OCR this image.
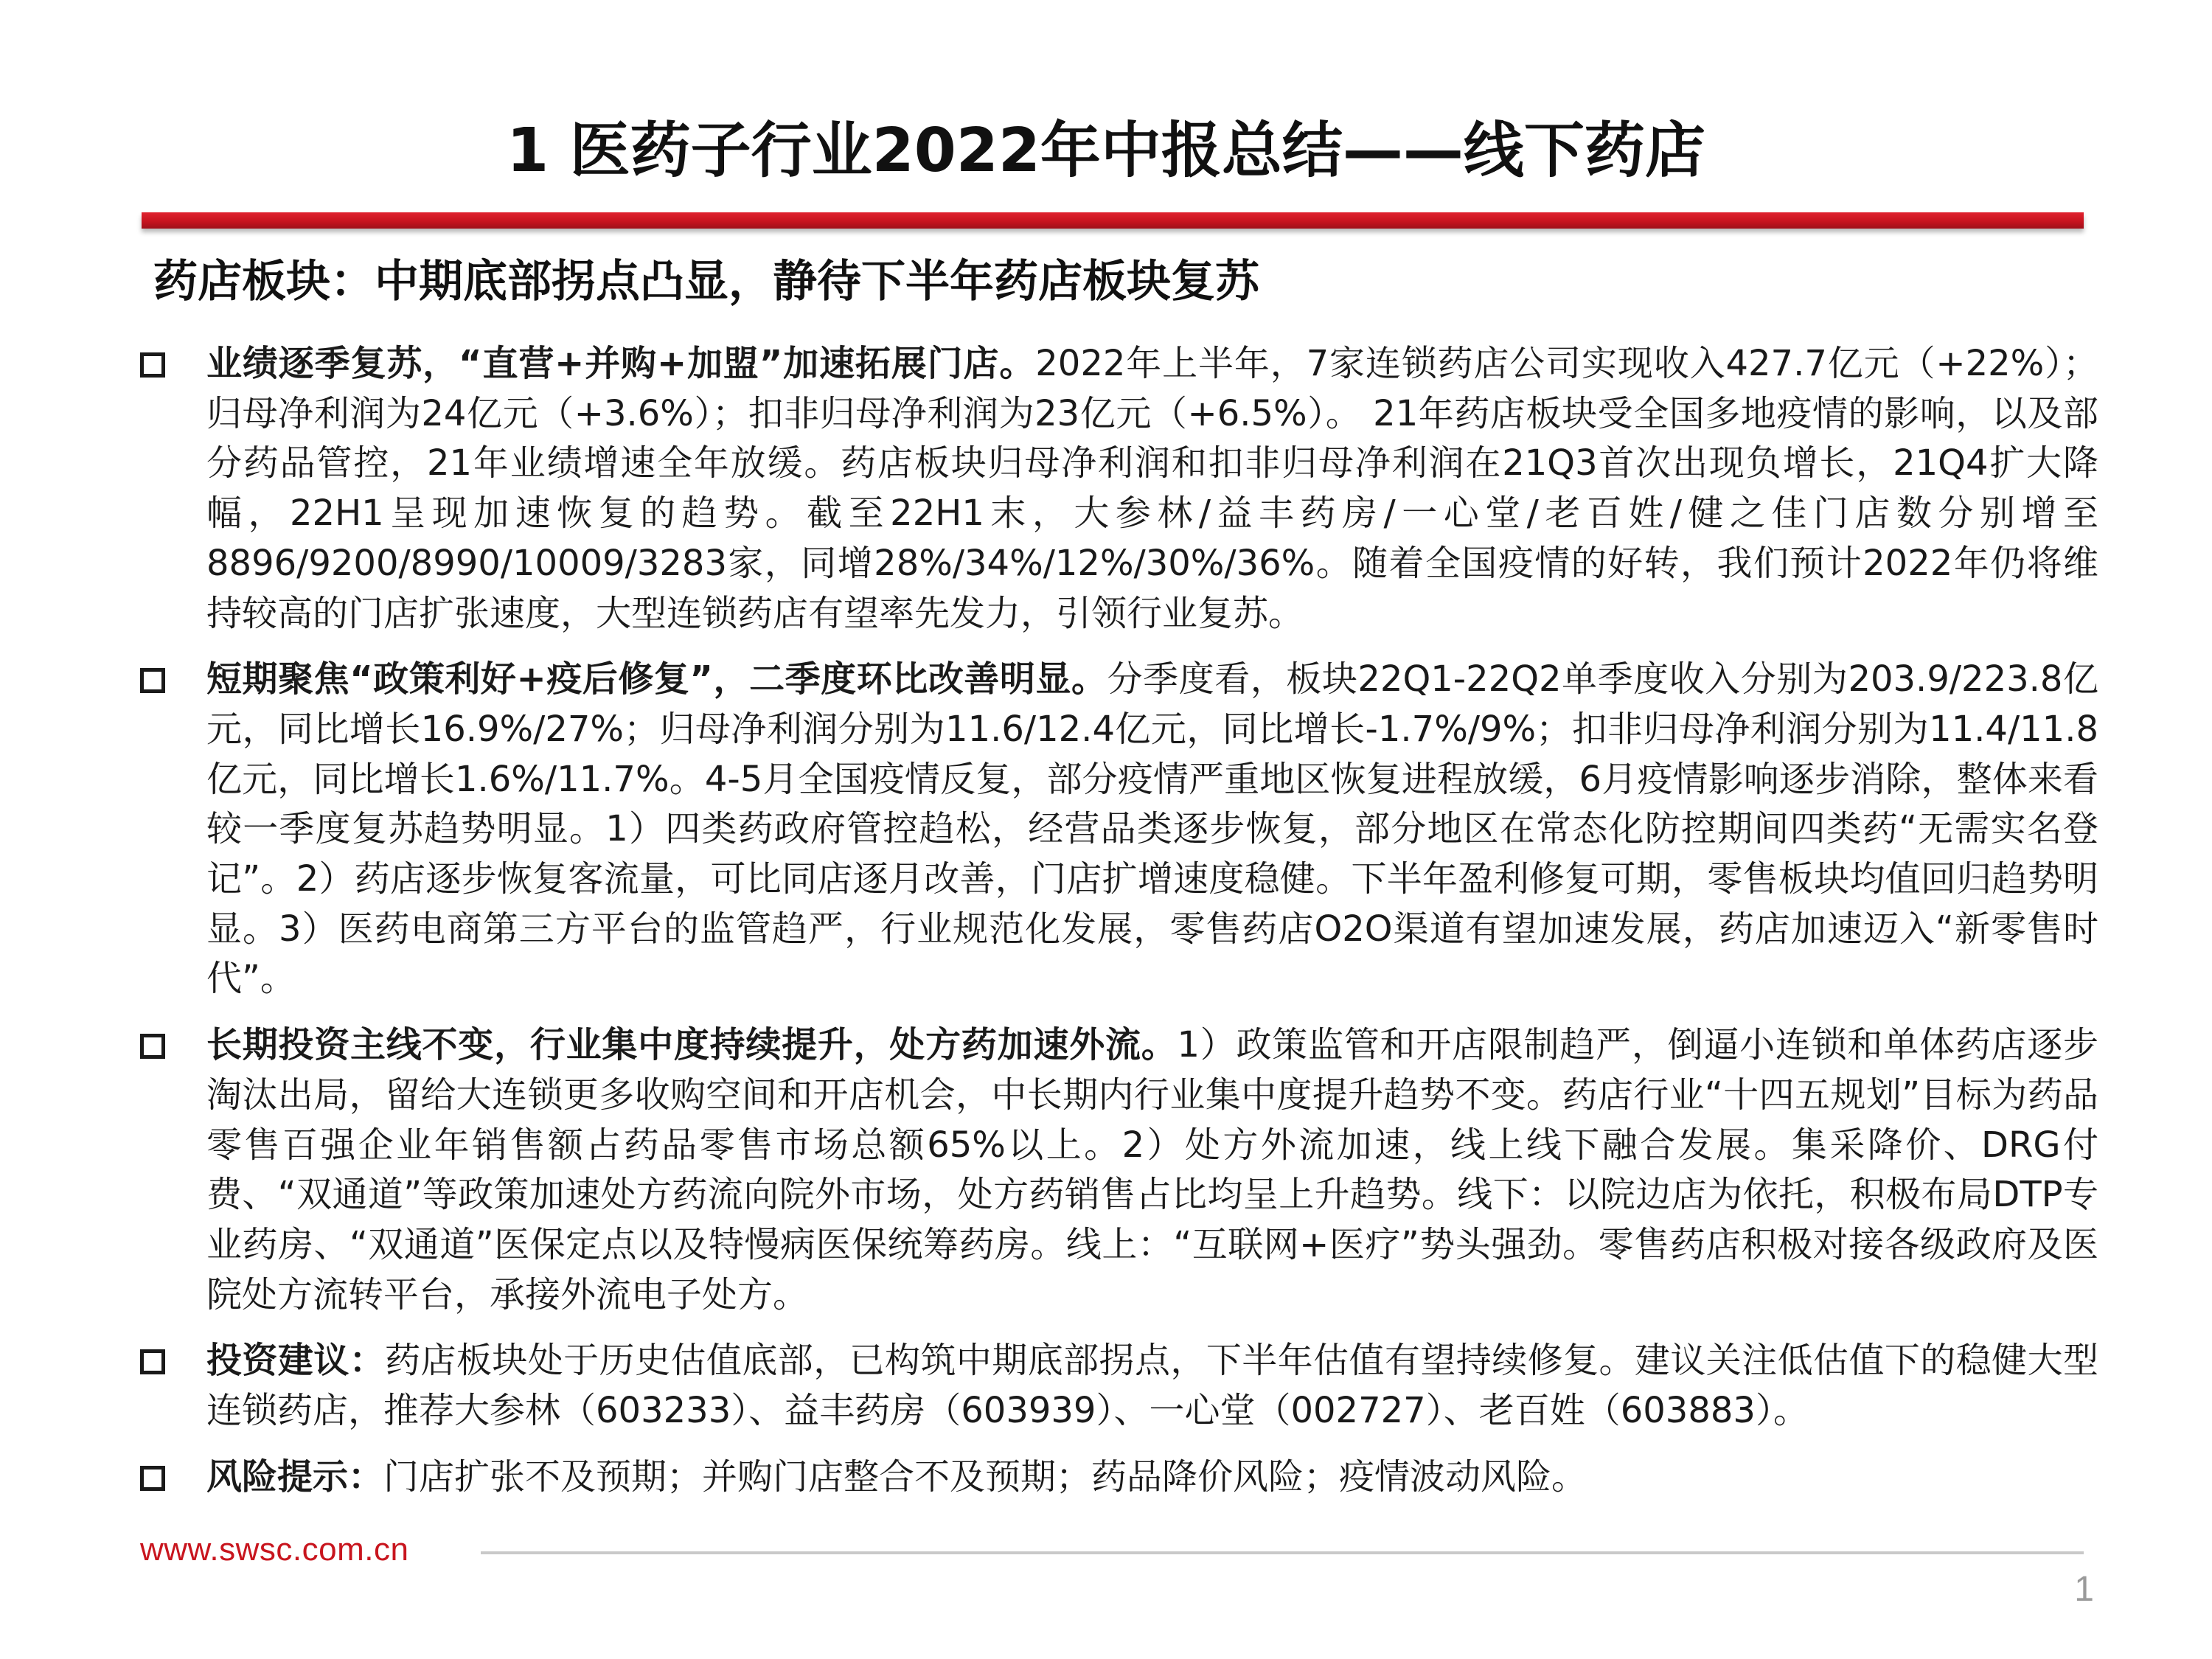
1 医药子行业2022年中报总结——线下药店
药店板块：中期底部拐点凸显，静待下半年药店板块复苏
业绩逐季复苏，“直营+并购+加盟”加速拓展门店。2022年上半年，7家连锁药店公司实现收入427.7亿元（+22%）；归母净利润为24亿元（+3.6%）；扣非归母净利润为23亿元（+6.5%）。 21年药店板块受全国多地疫情的影响，以及部分药品管控，21年业绩增速全年放缓。药店板块归母净利润和扣非归母净利润在21Q3首次出现负增长，21Q4扩大降幅，22H1呈现加速恢复的趋势。截至22H1末，大参林/益丰药房/一心堂/老百姓/健之佳门店数分别增至8896/9200/8990/10009/3283家，同增28%/34%/12%/30%/36%。随着全国疫情的好转，我们预计2022年仍将维持较高的门店扩张速度，大型连锁药店有望率先发力，引领行业复苏。
短期聚焦“政策利好+疫后修复”，二季度环比改善明显。分季度看，板块22Q1-22Q2单季度收入分别为203.9/223.8亿元，同比增长16.9%/27%；归母净利润分别为11.6/12.4亿元，同比增长-1.7%/9%；扣非归母净利润分别为11.4/11.8亿元，同比增长1.6%/11.7%。4-5月全国疫情反复，部分疫情严重地区恢复进程放缓，6月疫情影响逐步消除，整体来看较一季度复苏趋势明显。1）四类药政府管控趋松，经营品类逐步恢复，部分地区在常态化防控期间四类药“无需实名登记”。2）药店逐步恢复客流量，可比同店逐月改善，门店扩增速度稳健。下半年盈利修复可期，零售板块均值回归趋势明显。3）医药电商第三方平台的监管趋严，行业规范化发展，零售药店O2O渠道有望加速发展，药店加速迈入“新零售时代”。
长期投资主线不变，行业集中度持续提升，处方药加速外流。1）政策监管和开店限制趋严，倒逼小连锁和单体药店逐步淘汰出局，留给大连锁更多收购空间和开店机会，中长期内行业集中度提升趋势不变。药店行业“十四五规划”目标为药品零售百强企业年销售额占药品零售市场总额65%以上。2）处方外流加速，线上线下融合发展。集采降价、DRG付费、“双通道”等政策加速处方药流向院外市场，处方药销售占比均呈上升趋势。线下：以院边店为依托，积极布局DTP专业药房、“双通道”医保定点以及特慢病医保统筹药房。线上：“互联网+医疗”势头强劲。零售药店积极对接各级政府及医院处方流转平台，承接外流电子处方。
投资建议：药店板块处于历史估值底部，已构筑中期底部拐点，下半年估值有望持续修复。建议关注低估值下的稳健大型连锁药店，推荐大参林（603233）、益丰药房（603939）、一心堂（002727）、老百姓（603883）。
风险提示：门店扩张不及预期；并购门店整合不及预期；药品降价风险；疫情波动风险。
www.swsc.com.cn
1
